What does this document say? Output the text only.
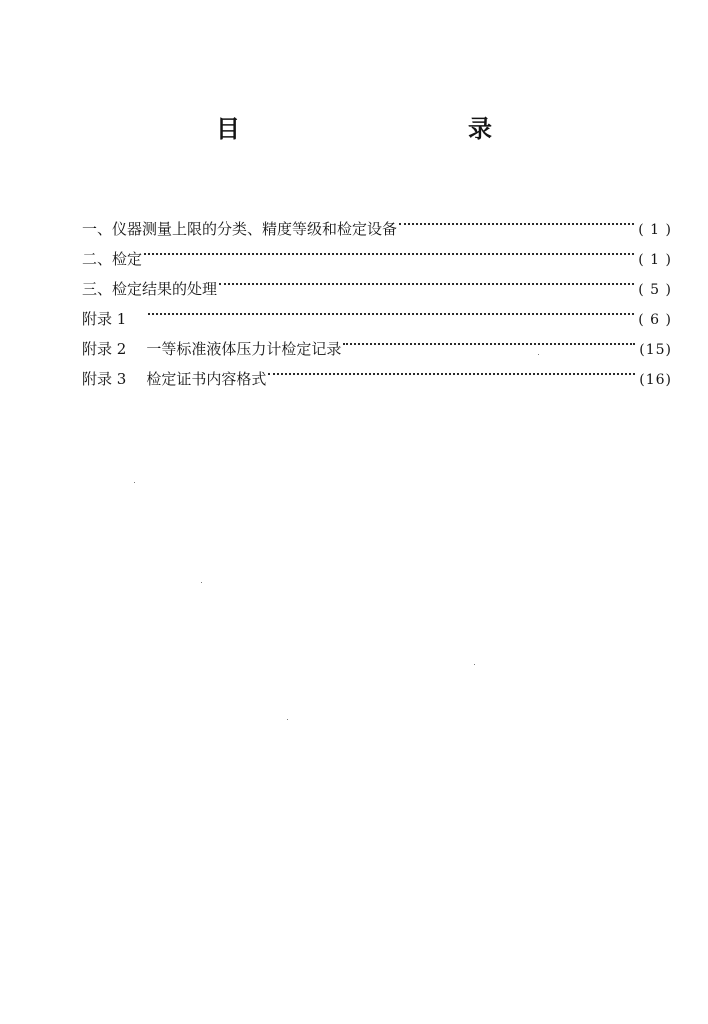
目　　录
一、仪器测量上限的分类、精度等级和检定设备	( 1 )
二、检定	( 1 )
三、检定结果的处理	( 5 )
附录 1	( 6 )
附录 2 一等标准液体压力计检定记录	(15)
附录 3 检定证书内容格式	(16)
